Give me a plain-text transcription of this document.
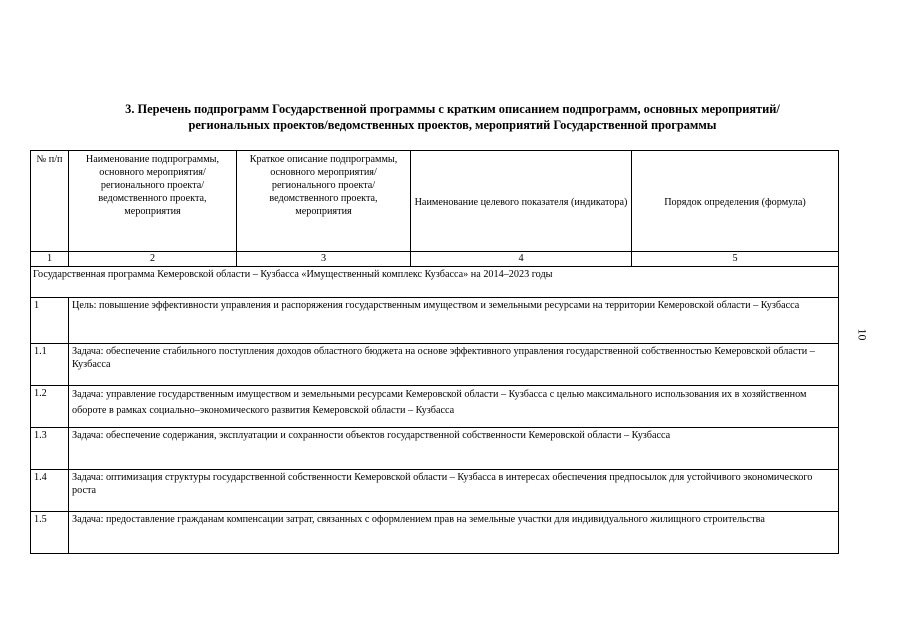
3. Перечень подпрограмм Государственной программы с кратким описанием подпрограмм, основных мероприятий/
региональных проектов/ведомственных проектов, мероприятий Государственной программы
10
№ п/п	Наименование подпрограммы, основного мероприятия/регионального проекта/ведомственного проекта, мероприятия	Краткое описание подпрограммы, основного мероприятия/регионального проекта/ведомственного проекта, мероприятия	Наименование целевого показателя (индикатора)	Порядок определения (формула)
1	2	3	4	5
Государственная программа Кемеровской области – Кузбасса «Имущественный комплекс Кузбасса» на 2014–2023 годы				
1	Цель: повышение эффективности управления и распоряжения государственным имуществом и земельными ресурсами на территории Кемеровской области – Кузбасса			
1.1	Задача: обеспечение стабильного поступления доходов областного бюджета на основе эффективного управления государственной собственностью Кемеровской области – Кузбасса			
1.2	Задача: управление государственным имуществом и земельными ресурсами Кемеровской области – Кузбасса с целью максимального использования их в хозяйственном обороте в рамках социально–экономического развития Кемеровской области – Кузбасса			
1.3	Задача: обеспечение содержания, эксплуатации и сохранности объектов государственной собственности Кемеровской области – Кузбасса			
1.4	Задача: оптимизация структуры государственной собственности Кемеровской области – Кузбасса в интересах обеспечения предпосылок для устойчивого экономического роста			
1.5	Задача: предоставление гражданам компенсации затрат, связанных с оформлением прав на земельные участки для индивидуального жилищного строительства			
